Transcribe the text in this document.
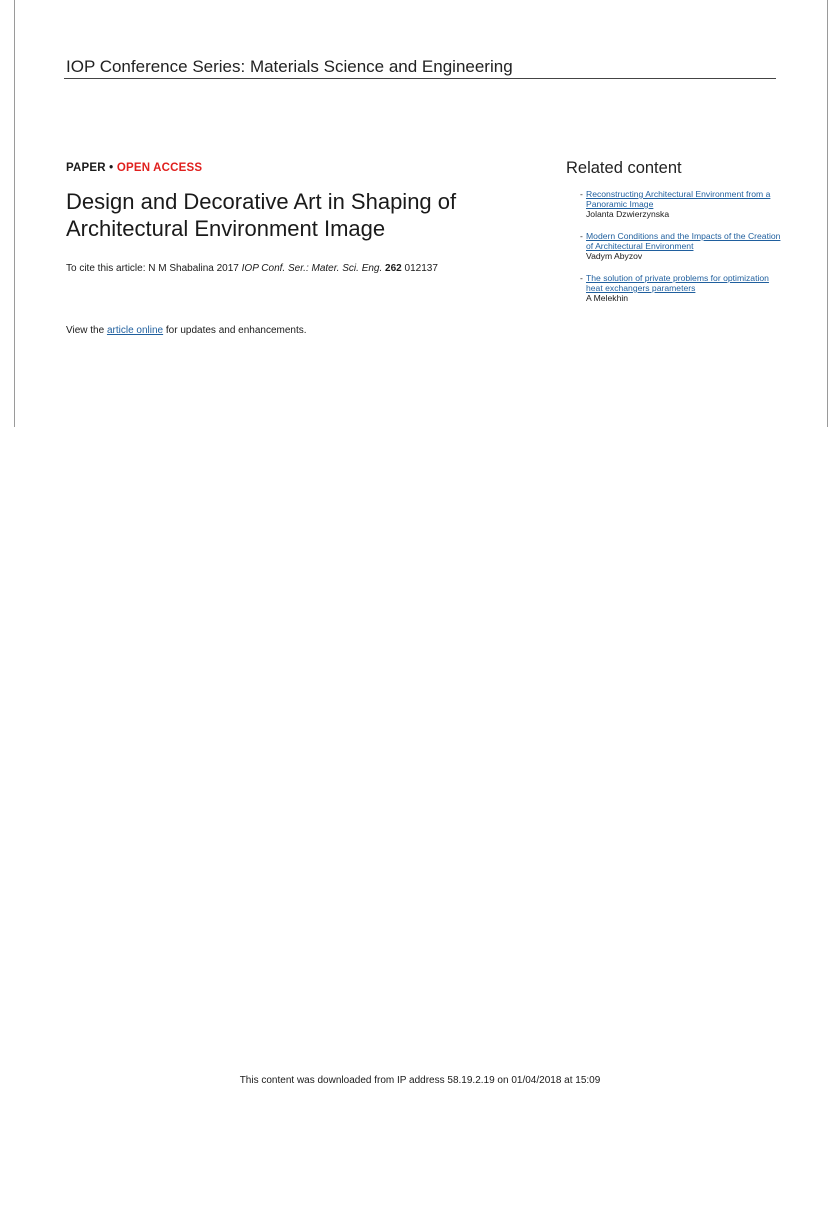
IOP Conference Series: Materials Science and Engineering
PAPER • OPEN ACCESS
Design and Decorative Art in Shaping of Architectural Environment Image
To cite this article: N M Shabalina 2017 IOP Conf. Ser.: Mater. Sci. Eng. 262 012137
View the article online for updates and enhancements.
Related content
- Reconstructing Architectural Environment from a Panoramic Image
Jolanta Dzwierzynska
- Modern Conditions and the Impacts of the Creation of Architectural Environment
Vadym Abyzov
- The solution of private problems for optimization heat exchangers parameters
A Melekhin
This content was downloaded from IP address 58.19.2.19 on 01/04/2018 at 15:09
